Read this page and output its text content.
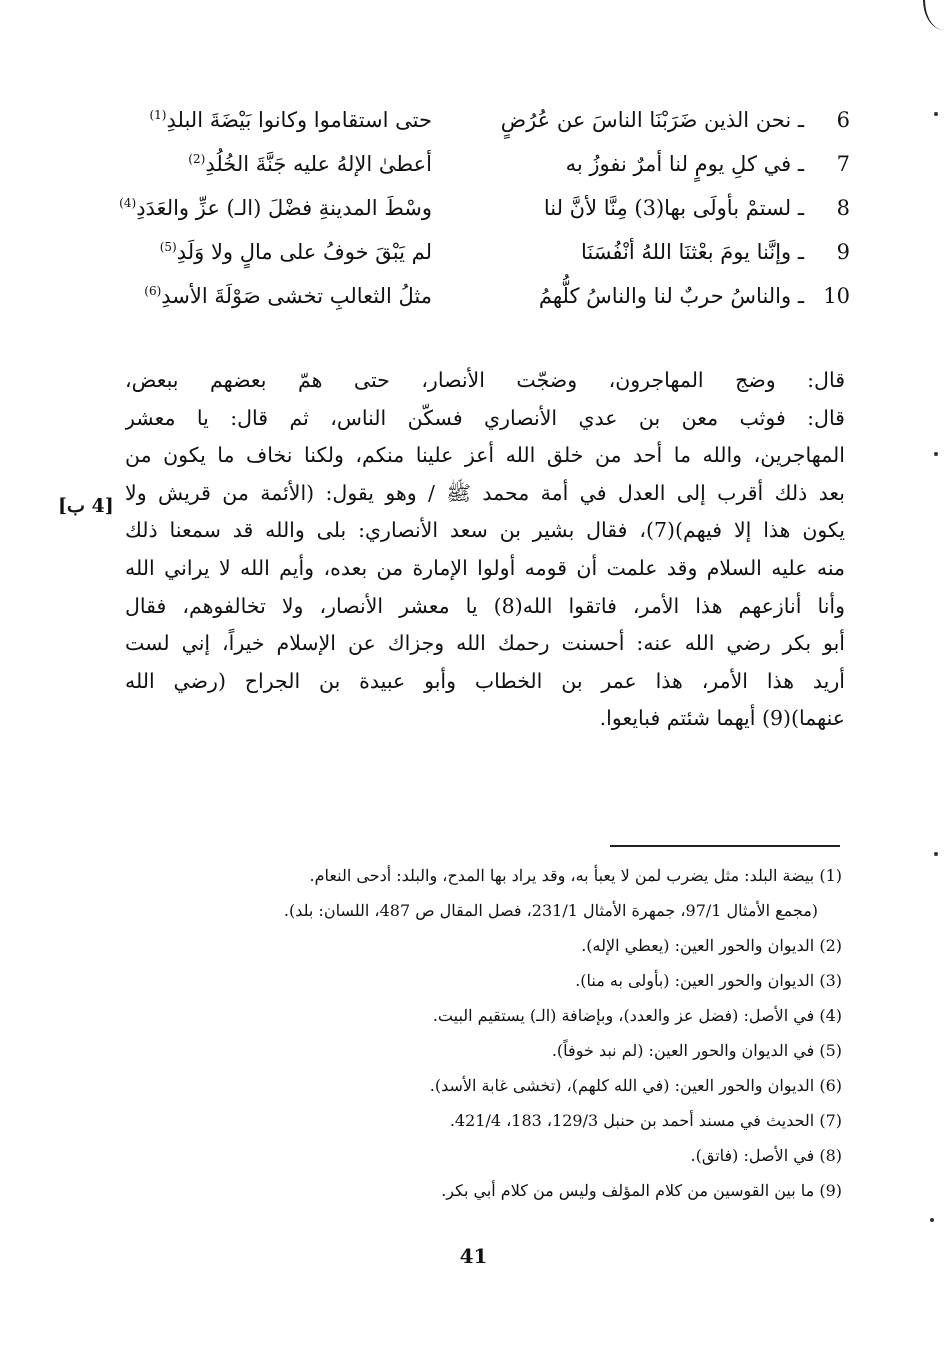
6
ـ نحن الذين ضَرَبْنَا الناسَ عن عُرُضٍ
حتى استقاموا وكانوا بَيْضَةَ البلدِ$^{(1)}$
7
ـ في كلِ يومٍ لنا أمرٌ نفوزُ به
أعطىٰ الإلهُ عليه جَنَّةَ الخُلُدِ$^{(2)}$
8
ـ لستمْ بأولَى بها(3) مِنَّا لأنَّ لنا
وسْطَ المدينةِ فضْلَ (الـ) عزِّ والعَدَدِ$^{(4)}$
9
ـ وإنَّنا يومَ بعْثنَا اللهُ أنْفُسَنَا
لم يَبْقَ خوفُ على مالٍ ولا وَلَدِ$^{(5)}$
10
ـ والناسُ حربٌ لنا والناسُ كلُّهمُ
مثلُ الثعالبِ تخشى صَوْلَةَ الأسدِ$^{(6)}$
قال: وضج المهاجرون، وضجّت الأنصار، حتى همّ بعضهم ببعض،
قال: فوثب معن بن عدي الأنصاري فسكّن الناس، ثم قال: يا معشر
المهاجرين، والله ما أحد من خلق الله أعز علينا منكم، ولكنا نخاف ما يكون من
بعد ذلك أقرب إلى العدل في أمة محمد ﷺ / وهو يقول: (الأئمة من قريش ولا
يكون هذا إلا فيهم)(7)، فقال بشير بن سعد الأنصاري: بلى والله قد سمعنا ذلك
منه عليه السلام وقد علمت أن قومه أولوا الإمارة من بعده، وأيم الله لا يراني الله
وأنا أنازعهم هذا الأمر، فاتقوا الله(8) يا معشر الأنصار، ولا تخالفوهم، فقال
أبو بكر رضي الله عنه: أحسنت رحمك الله وجزاك عن الإسلام خيراً، إني لست
أريد هذا الأمر، هذا عمر بن الخطاب وأبو عبيدة بن الجراح (رضي الله
عنهما)(9) أيهما شئتم فبايعوا.
[4 ب]
(1) بيضة البلد: مثل يضرب لمن لا يعبأ به، وقد يراد بها المدح، والبلد: أدحى النعام.
(مجمع الأمثال 97/1، جمهرة الأمثال 231/1، فصل المقال ص 487، اللسان: بلد).
(2) الديوان والحور العين: (يعطي الإله).
(3) الديوان والحور العين: (بأولى به منا).
(4) في الأصل: (فضل عز والعدد)، وبإضافة (الـ) يستقيم البيت.
(5) في الديوان والحور العين: (لم نبد خوفاً).
(6) الديوان والحور العين: (في الله كلهم)، (تخشى غابة الأسد).
(7) الحديث في مسند أحمد بن حنبل 129/3، 183، 421/4.
(8) في الأصل: (فاتق).
(9) ما بين القوسين من كلام المؤلف وليس من كلام أبي بكر.
41
